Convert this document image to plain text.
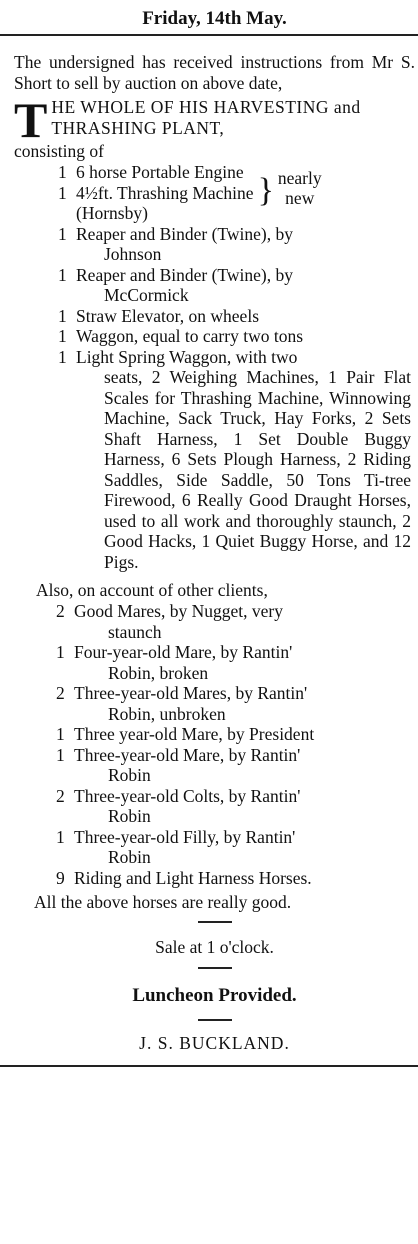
Friday, 14th May.

The undersigned has received instructions from Mr S. Short to sell by auction on above date,

T HE WHOLE OF HIS HARVESTING and THRASHING PLANT,
consisting of
1 6 horse Portable Engine
1 4½ft. Thrashing Machine
(Hornsby)
} nearly
new
1 Reaper and Binder (Twine), by
Johnson
1 Reaper and Binder (Twine), by
McCormick
1 Straw Elevator, on wheels
1 Waggon, equal to carry two tons
1 Light Spring Waggon, with two
seats, 2 Weighing Machines, 1 Pair Flat Scales for Thrashing Machine, Winnowing Machine, Sack Truck, Hay Forks, 2 Sets Shaft Harness, 1 Set Double Buggy Harness, 6 Sets Plough Harness, 2 Riding Saddles, Side Saddle, 50 Tons Ti-tree Firewood, 6 Really Good Draught Horses, used to all work and thoroughly staunch, 2 Good Hacks, 1 Quiet Buggy Horse, and 12 Pigs.
Also, on account of other clients,
2 Good Mares, by Nugget, very
staunch
1 Four-year-old Mare, by Rantin'
Robin, broken
2 Three-year-old Mares, by Rantin'
Robin, unbroken
1 Three year-old Mare, by President
1 Three-year-old Mare, by Rantin'
Robin
2 Three-year-old Colts, by Rantin'
Robin
1 Three-year-old Filly, by Rantin'
Robin
9 Riding and Light Harness Horses.
All the above horses are really good.
Sale at 1 o'clock.
Luncheon Provided.
J. S. BUCKLAND.
